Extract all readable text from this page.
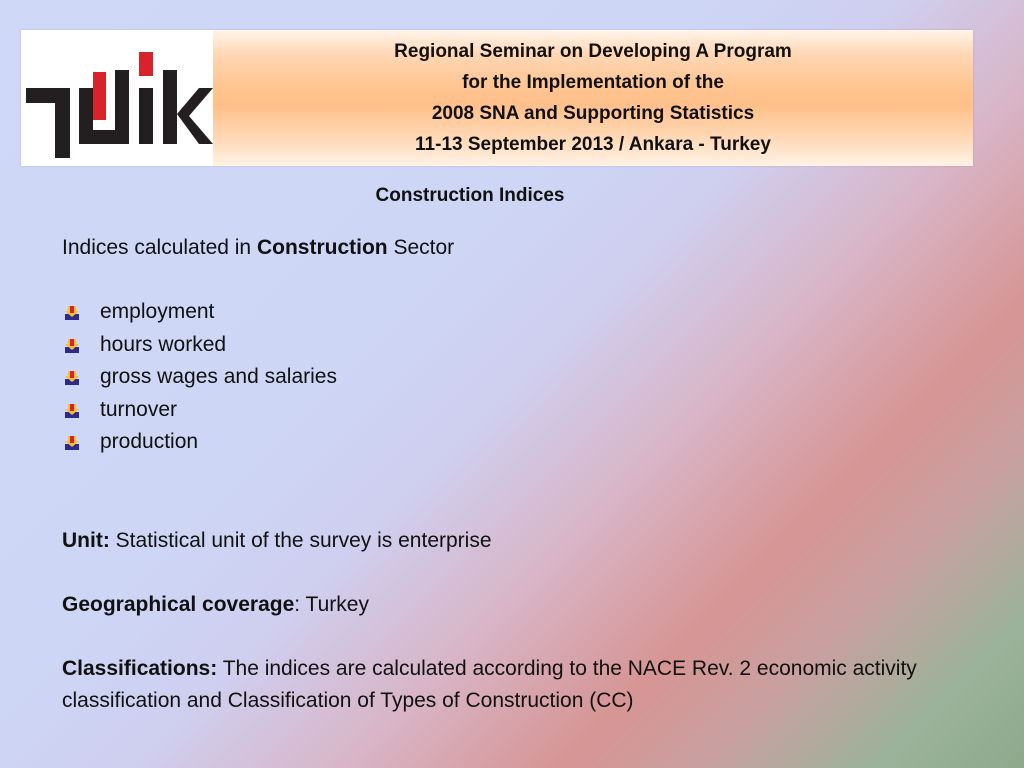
Regional Seminar on Developing A Program
for the Implementation of the
2008 SNA and Supporting Statistics
11-13 September 2013 / Ankara - Turkey
Construction Indices

Indices calculated in Construction Sector

employment
hours worked
gross wages and salaries
turnover
production

Unit: Statistical unit of the survey is enterprise

Geographical coverage: Turkey

Classifications: The indices are calculated according to the NACE Rev. 2 economic activity classification and Classification of Types of Construction (CC)
